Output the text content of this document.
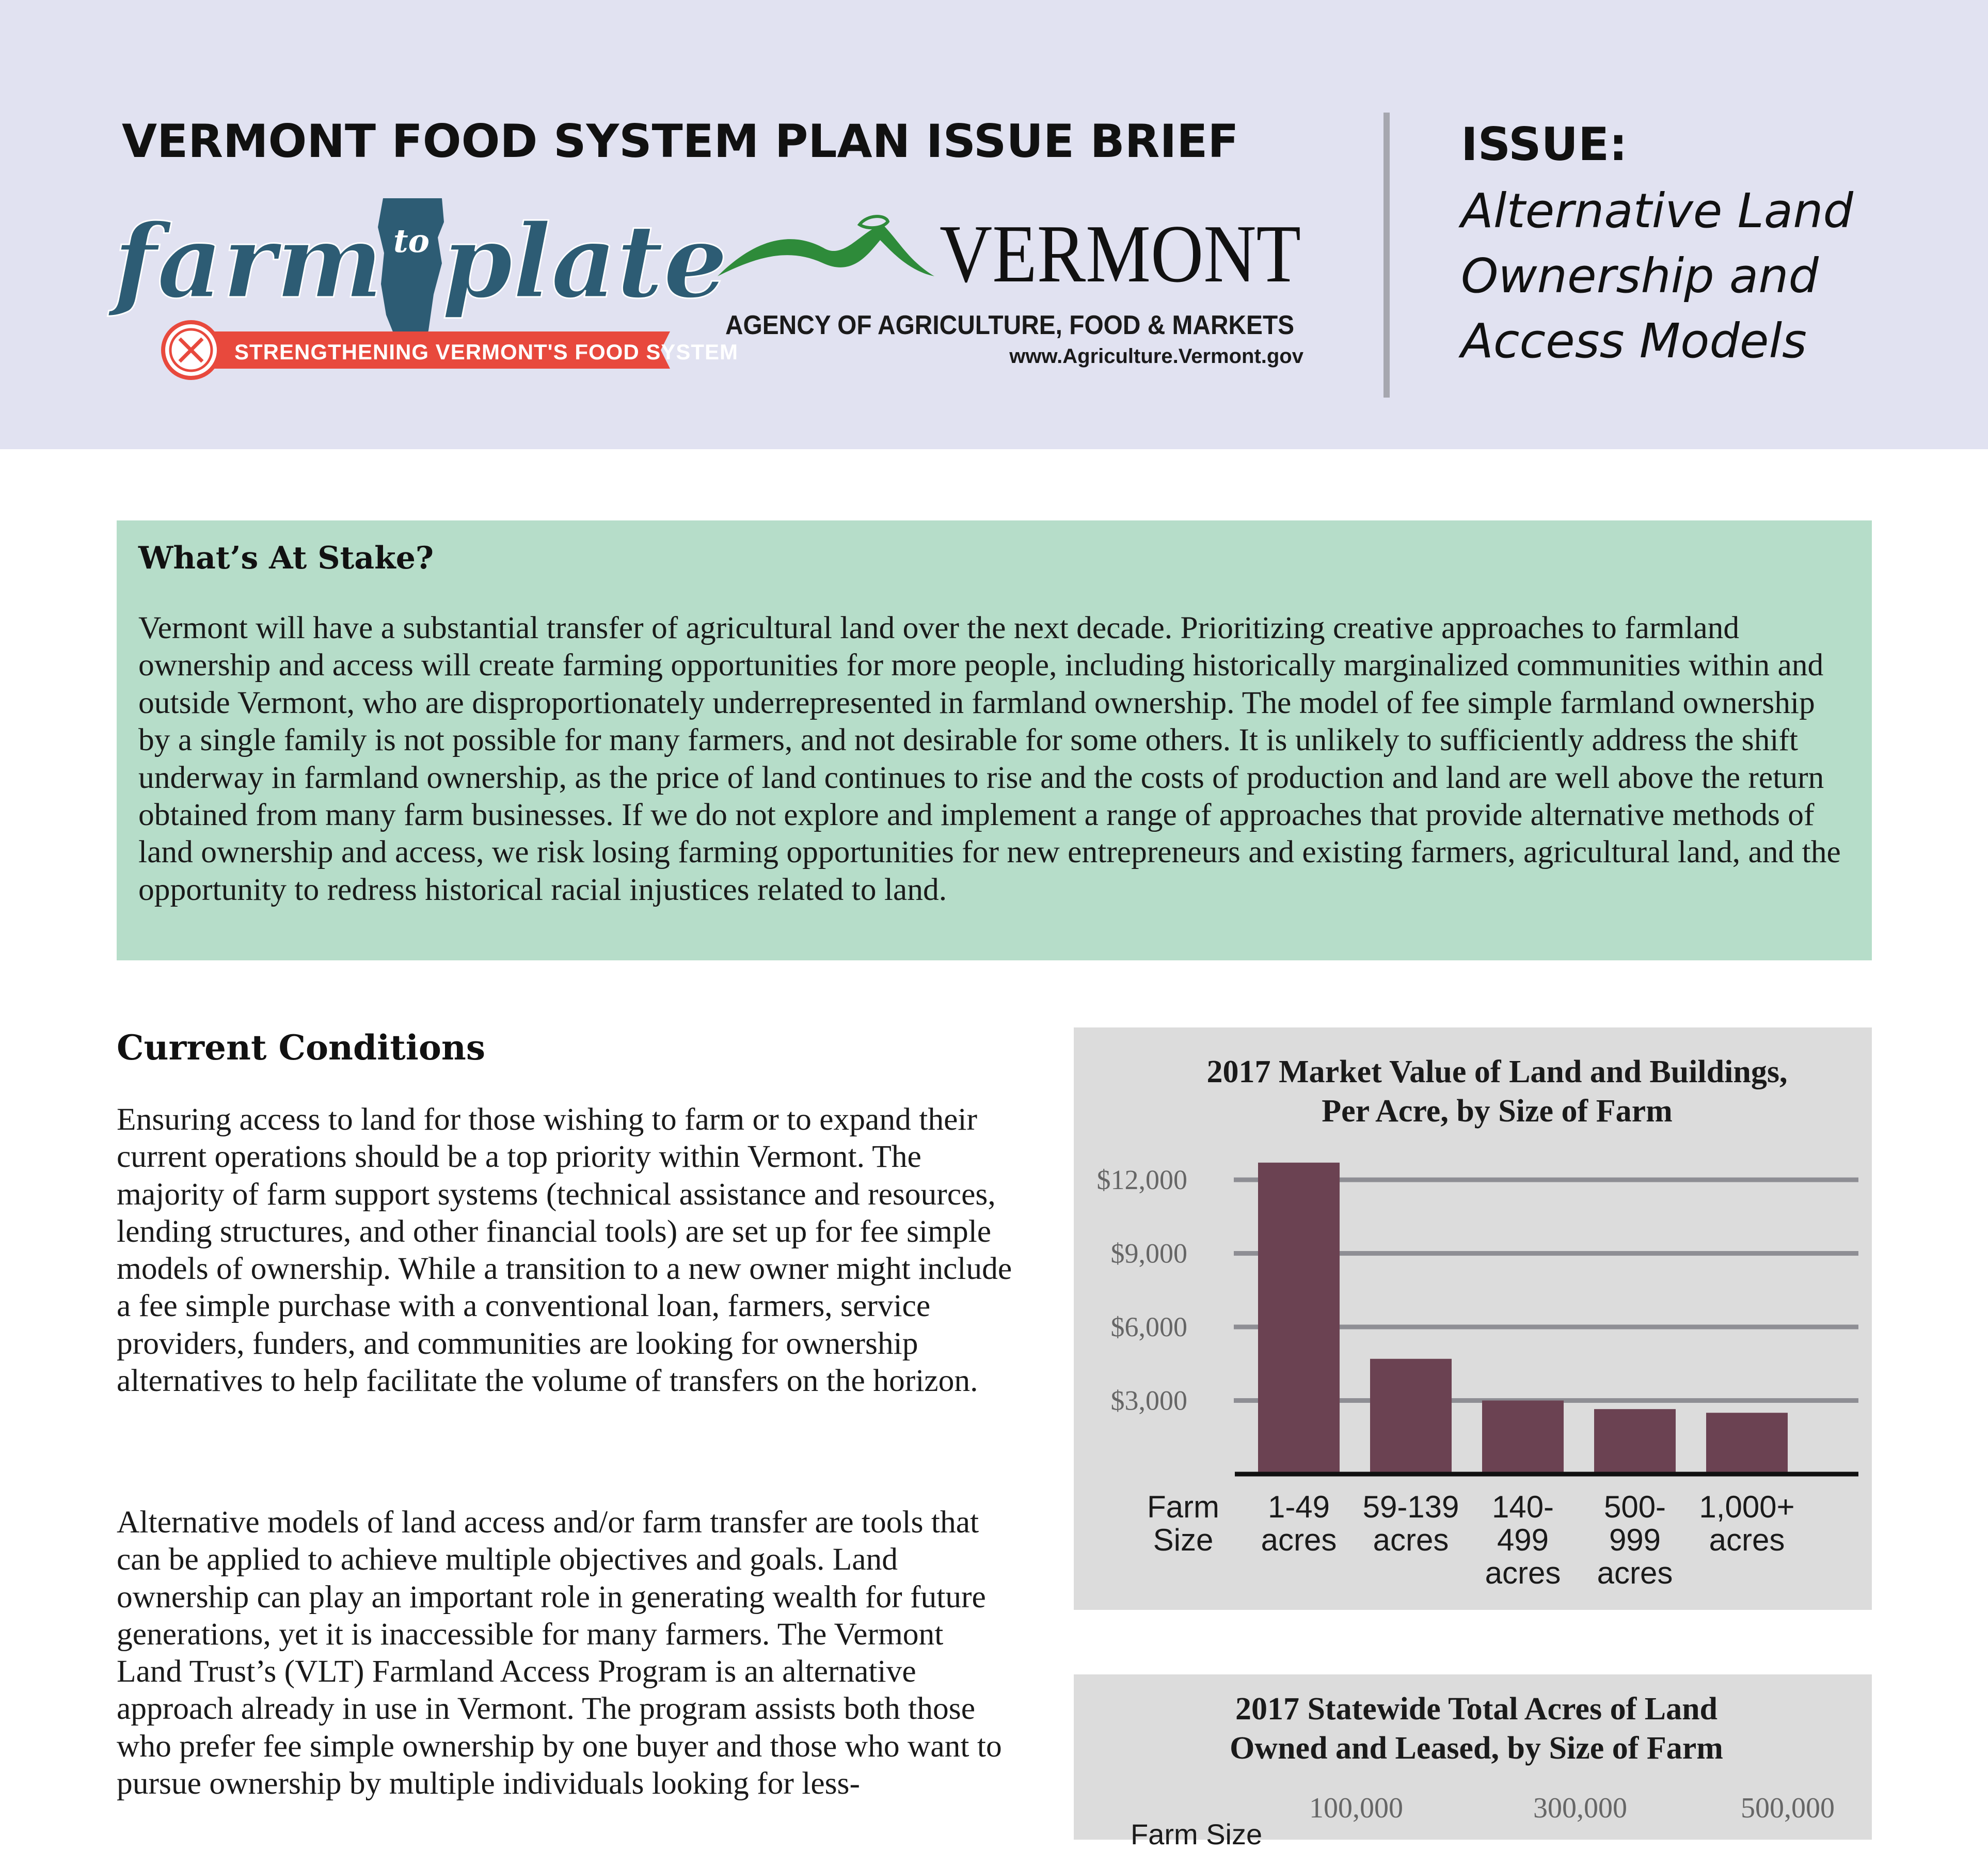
VERMONT FOOD SYSTEM PLAN ISSUE BRIEF
farm to plate
STRENGTHENING VERMONT'S FOOD SYSTEM
VERMONT
AGENCY OF AGRICULTURE, FOOD & MARKETS
www.Agriculture.Vermont.gov
ISSUE:
Alternative Land
Ownership and
Access Models
What’s At Stake?
Vermont will have a substantial transfer of agricultural land over the next decade. Prioritizing creative approaches to farmland ownership and access will create farming opportunities for more people, including historically marginalized communities within and outside Vermont, who are disproportionately underrepresented in farmland ownership. The model of fee simple farmland ownership by a single family is not possible for many farmers, and not desirable for some others. It is unlikely to sufficiently address the shift underway in farmland ownership, as the price of land continues to rise and the costs of production and land are well above the return obtained from many farm businesses. If we do not explore and implement a range of approaches that provide alternative methods of land ownership and access, we risk losing farming opportunities for new entrepreneurs and existing farmers, agricultural land, and the opportunity to redress historical racial injustices related to land.
Current Conditions
Ensuring access to land for those wishing to farm or to expand their current operations should be a top priority within Vermont. The majority of farm support systems (technical assistance and resources, lending structures, and other financial tools) are set up for fee simple models of ownership. While a transition to a new owner might include a fee simple purchase with a conventional loan, farmers, service providers, funders, and communities are looking for ownership alternatives to help facilitate the volume of transfers on the horizon.
Alternative models of land access and/or farm transfer are tools that can be applied to achieve multiple objectives and goals. Land ownership can play an important role in generating wealth for future generations, yet it is inaccessible for many farmers. The Vermont Land Trust’s (VLT) Farmland Access Program is an alternative approach already in use in Vermont. The program assists both those who prefer fee simple ownership by one buyer and those who want to pursue ownership by multiple individuals looking for less-
2017 Market Value of Land and Buildings,
Per Acre, by Size of Farm
$3,000
$6,000
$9,000
$12,000
1-49
acres
59-139
acres
140-
499
acres
500-
999
acres
1,000+
acres
Farm
Size
2017 Statewide Total Acres of Land
Owned and Leased, by Size of Farm
Farm Size
100,000	300,000	500,000
